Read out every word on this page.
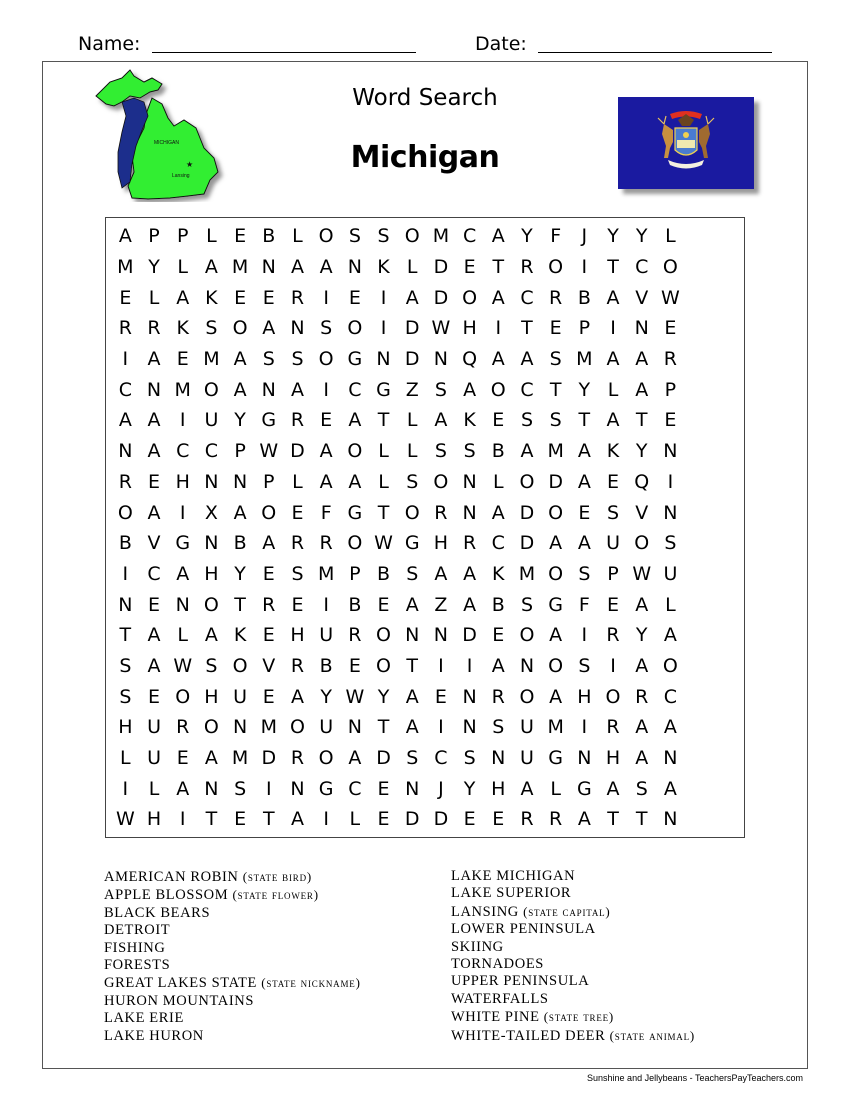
Name:	Date:
MICHIGAN
★
Lansing
Word Search
Michigan
A P P L E B L O S S O M C A Y F	J	Y Y L
M Y L A M N A A N K L D E T R O I	T C O
E L A K E E R	I	E	I	A D O A C R B A V W
R R K S O A N S O I D W H I	T E P	I N E
I	A E M A S S O G N D N Q A A S M A A R
C N M O A N A	I	C G Z S A O C T Y L A P
A A	I U Y G R E A T L A K E S S T A T E
N A C C P W D A O L L S S B A M A K Y N
R E H N N P L A A L S O N L O D A E Q I
O A	I	X A O E F G T O R N A D O E S V N
B V G N B A R R O W G H R C D A A U O S
I	C A H Y E S M P B S A A K M O S P W U
N E N O T R E	I	B E A Z A B S G F E A L
T A L A K E H U R O N N D E O A	I	R Y A
S A W S O V R B E O T	I	I	A N O S	I	A O
S E O H U E A Y W Y A E N R O A H O R C
H U R O N M O U N T A	I N S U M I	R A A
L U E A M D R O A D S C S N U G N H A N
I	L A N S	I N G C E N J	Y H A L G A S A
W H I	T E T A	I	L E D D E E R R A T T N
AMERICAN ROBIN (state bird)
APPLE BLOSSOM (state flower)
BLACK BEARS
DETROIT
FISHING
FORESTS
GREAT LAKES STATE (state nickname)
HURON MOUNTAINS
LAKE ERIE
LAKE HURON
LAKE MICHIGAN
LAKE SUPERIOR
LANSING (state capital)
LOWER PENINSULA
SKIING
TORNADOES
UPPER PENINSULA
WATERFALLS
WHITE PINE (state tree)
WHITE-TAILED DEER (state animal)
Sunshine and Jellybeans - TeachersPayTeachers.com
